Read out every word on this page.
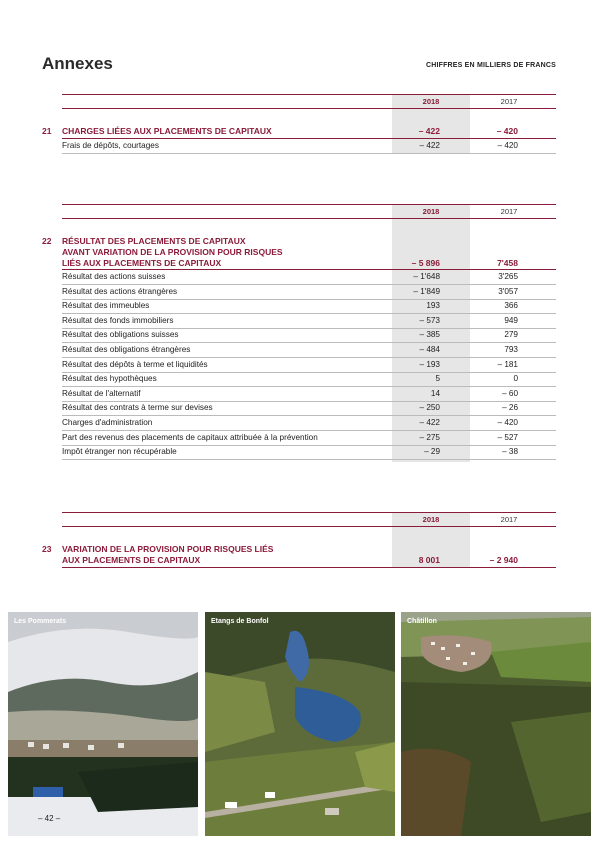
Annexes	CHIFFRES EN MILLIERS DE FRANCS
2018	2017
21 CHARGES LIÉES AUX PLACEMENTS DE CAPITAUX	– 422	– 420
Frais de dépôts, courtages	– 422	– 420
2018	2017
22 RÉSULTAT DES PLACEMENTS DE CAPITAUX
AVANT VARIATION DE LA PROVISION POUR RISQUES
LIÉS AUX PLACEMENTS DE CAPITAUX	– 5 896	7'458
Résultat des actions suisses	– 1'648	3'265
Résultat des actions étrangères	– 1'849	3'057
Résultat des immeubles	193	366
Résultat des fonds immobiliers	– 573	949
Résultat des obligations suisses	– 385	279
Résultat des obligations étrangères	– 484	793
Résultat des dépôts à terme et liquidités	– 193	– 181
Résultat des hypothèques	5	0
Résultat de l'alternatif	14	– 60
Résultat des contrats à terme sur devises	– 250	– 26
Charges d'administration	– 422	– 420
Part des revenus des placements de capitaux attribuée à la prévention	– 275	– 527
Impôt étranger non récupérable	– 29	– 38
2018	2017
23 VARIATION DE LA PROVISION POUR RISQUES LIÉS
AUX PLACEMENTS DE CAPITAUX	8 001	– 2 940
Les Pommerats	Etangs de Bonfol	Châtillon
– 42 –
